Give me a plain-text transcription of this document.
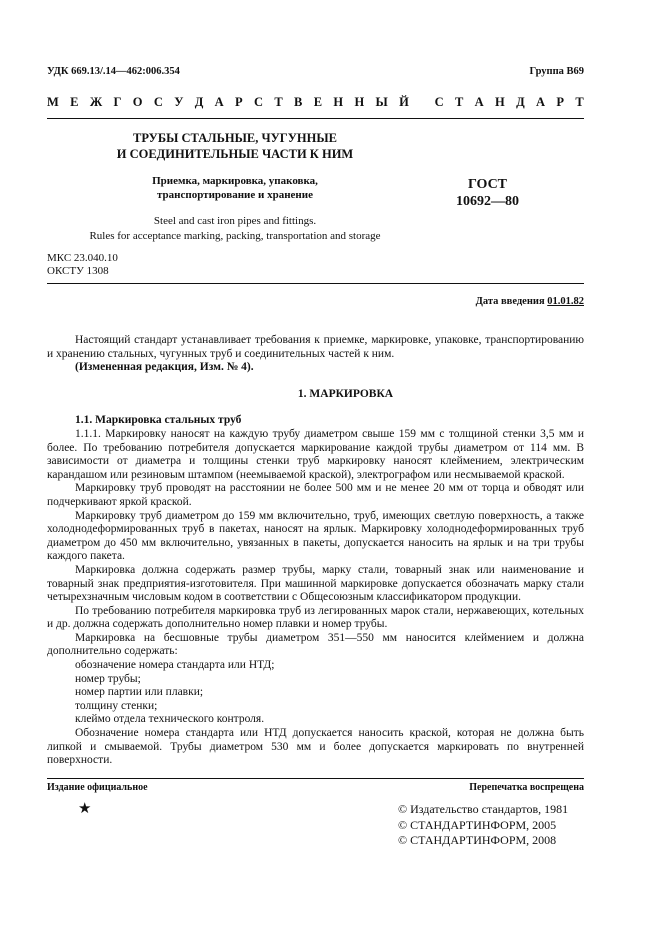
УДК 669.13/.14—462:006.354	Группа В69
М Е Ж Г О С У Д А Р С Т В Е Н Н Ы Й
С Т А Н Д А Р Т
ТРУБЫ СТАЛЬНЫЕ, ЧУГУННЫЕ
И СОЕДИНИТЕЛЬНЫЕ ЧАСТИ К НИМ
Приемка, маркировка, упаковка,
транспортирование и хранение
ГОСТ
10692—80
Steel and cast iron pipes and fittings.
Rules for acceptance marking, packing, transportation and storage
МКС 23.040.10
ОКСТУ 1308
Дата введения 01.01.82

Настоящий стандарт устанавливает требования к приемке, маркировке, упаковке, транспортированию и хранению стальных, чугунных труб и соединительных частей к ним.

(Измененная редакция, Изм. № 4).

1. МАРКИРОВКА

1.1. Маркировка стальных труб

1.1.1. Маркировку наносят на каждую трубу диаметром свыше 159 мм с толщиной стенки 3,5 мм и более. По требованию потребителя допускается маркирование каждой трубы диаметром от 114 мм. В зависимости от диаметра и толщины стенки труб маркировку наносят клеймением, электрическим карандашом или резиновым штампом (неемываемой краской), электрографом или несмываемой краской.

Маркировку труб проводят на расстоянии не более 500 мм и не менее 20 мм от торца и обводят или подчеркивают яркой краской.

Маркировку труб диаметром до 159 мм включительно, труб, имеющих светлую поверхность, а также холоднодеформированных труб в пакетах, наносят на ярлык. Маркировку холоднодеформированных труб диаметром до 450 мм включительно, увязанных в пакеты, допускается наносить на ярлык и на три трубы каждого пакета.

Маркировка должна содержать размер трубы, марку стали, товарный знак или наименование и товарный знак предприятия-изготовителя. При машинной маркировке допускается обозначать марку стали четырехзначным числовым кодом в соответствии с Общесоюзным классификатором продукции.

По требованию потребителя маркировка труб из легированных марок стали, нержавеющих, котельных и др. должна содержать дополнительно номер плавки и номер трубы.

Маркировка на бесшовные трубы диаметром 351—550 мм наносится клеймением и должна дополнительно содержать:

обозначение номера стандарта или НТД;

номер трубы;

номер партии или плавки;

толщину стенки;

клеймо отдела технического контроля.

Обозначение номера стандарта или НТД допускается наносить краской, которая не должна быть липкой и смываемой. Трубы диаметром 530 мм и более допускается маркировать по внутренней поверхности.

Издание официальное	Перепечатка воспрещена
★	© Издательство стандартов, 1981
© СТАНДАРТИНФОРМ, 2005
© СТАНДАРТИНФОРМ, 2008
